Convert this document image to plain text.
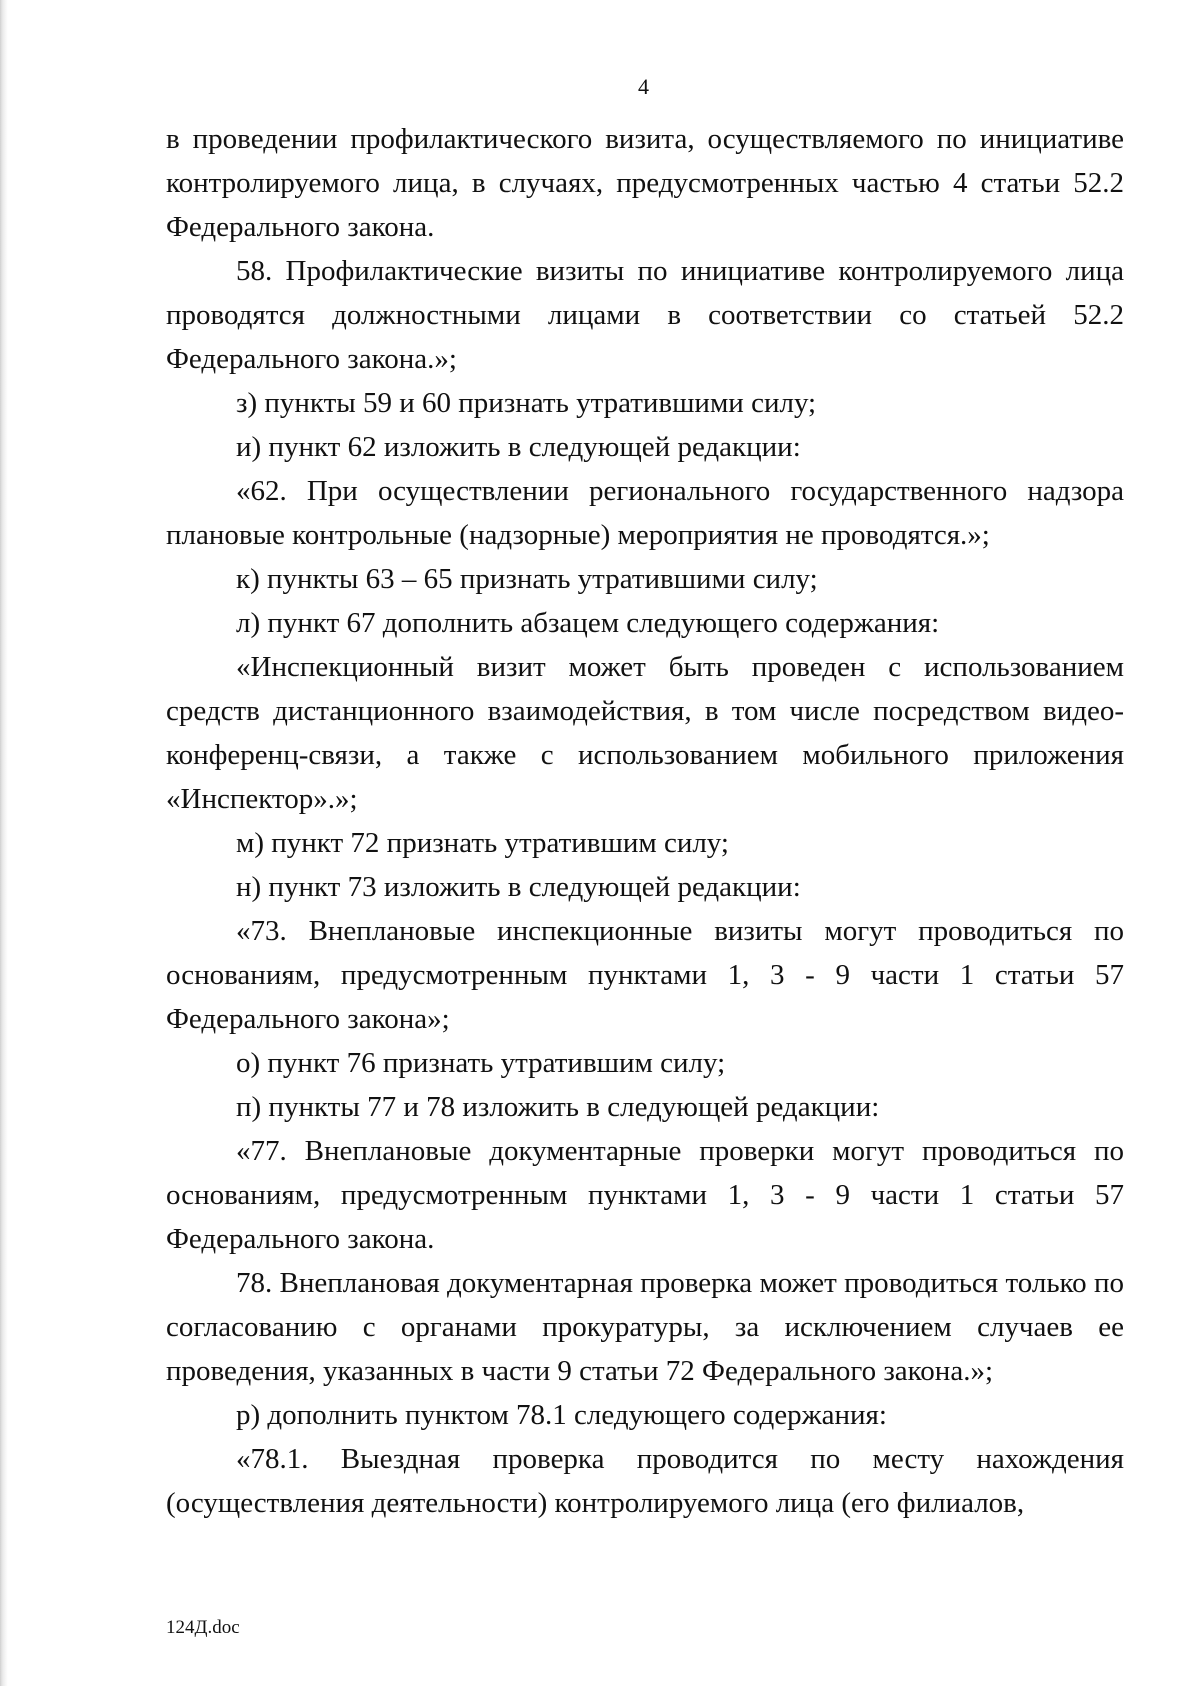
4

в проведении профилактического визита, осуществляемого по инициативе контролируемого лица, в случаях, предусмотренных частью 4 статьи 52.2 Федерального закона.

58. Профилактические визиты по инициативе контролируемого лица проводятся должностными лицами в соответствии со статьей 52.2 Федерального закона.»;

з) пункты 59 и 60 признать утратившими силу;

и) пункт 62 изложить в следующей редакции:

«62. При осуществлении регионального государственного надзора плановые контрольные (надзорные) мероприятия не проводятся.»;

к) пункты 63 – 65 признать утратившими силу;

л) пункт 67 дополнить абзацем следующего содержания:

«Инспекционный визит может быть проведен с использованием средств дистанционного взаимодействия, в том числе посредством видео-конференц-связи, а также с использованием мобильного приложения «Инспектор».»;

м) пункт 72 признать утратившим силу;

н) пункт 73 изложить в следующей редакции:

«73. Внеплановые инспекционные визиты могут проводиться по основаниям, предусмотренным пунктами 1, 3 - 9 части 1 статьи 57 Федерального закона»;

о) пункт 76 признать утратившим силу;

п) пункты 77 и 78 изложить в следующей редакции:

«77. Внеплановые документарные проверки могут проводиться по основаниям, предусмотренным пунктами 1, 3 - 9 части 1 статьи 57 Федерального закона.

78. Внеплановая документарная проверка может проводиться только по согласованию с органами прокуратуры, за исключением случаев ее проведения, указанных в части 9 статьи 72 Федерального закона.»;

р) дополнить пунктом 78.1 следующего содержания:

«78.1. Выездная проверка проводится по месту нахождения (осуществления деятельности) контролируемого лица (его филиалов,

124Д.doc
